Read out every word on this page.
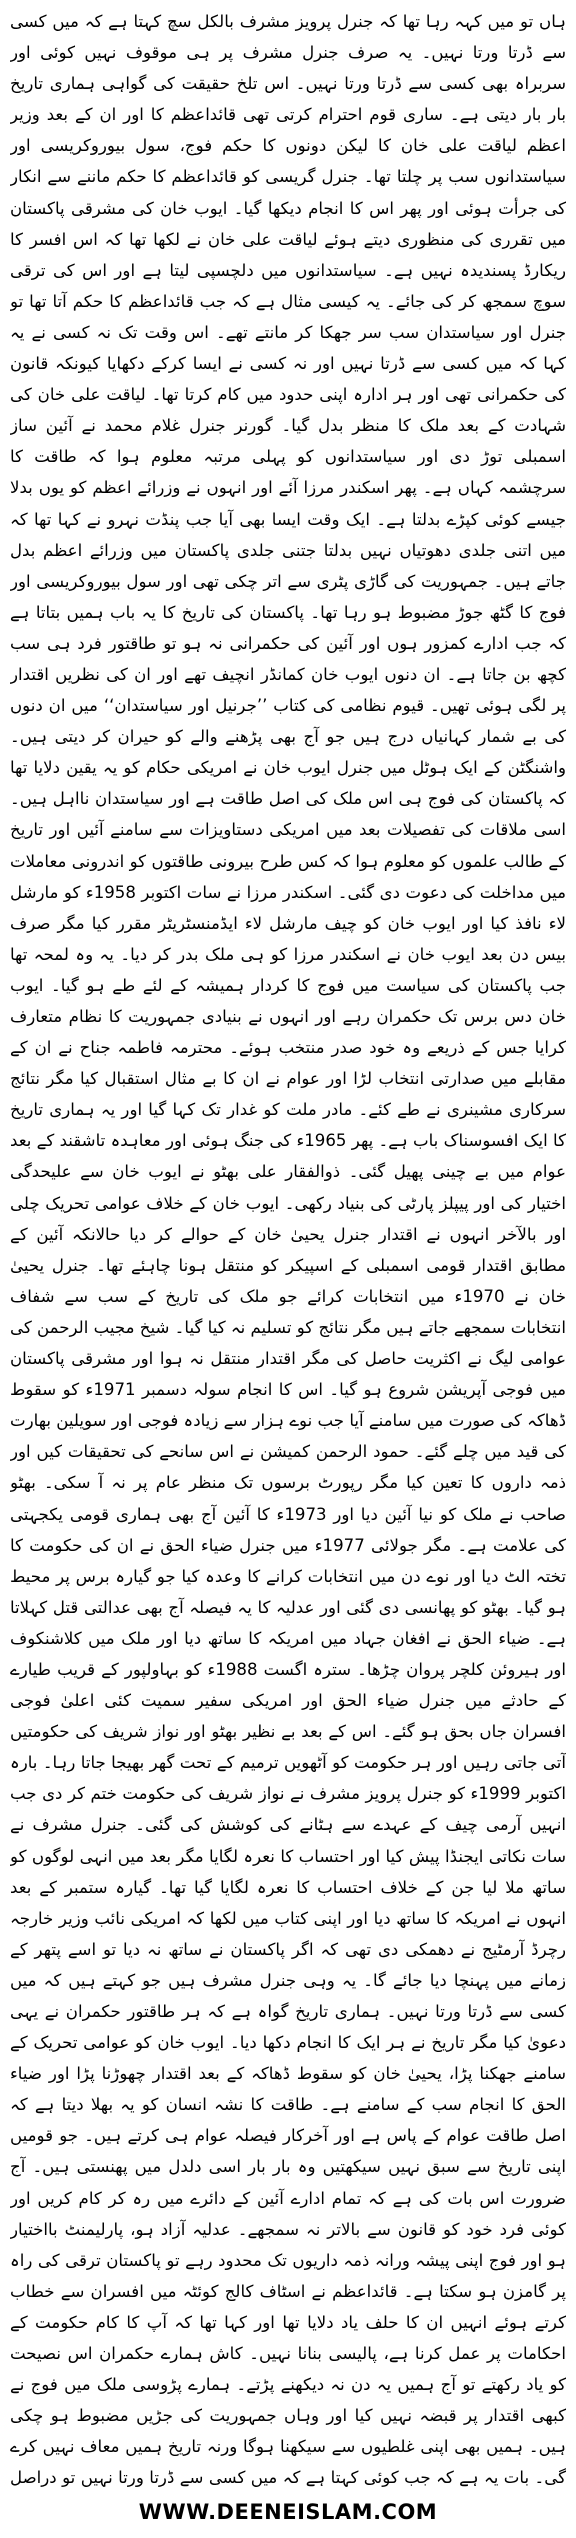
ہاں تو میں کہہ رہا تھا کہ جنرل پرویز مشرف بالکل سچ کہتا ہے کہ میں کسی سے ڈرتا ورتا نہیں۔ یہ صرف جنرل مشرف پر ہی موقوف نہیں کوئی اور سربراہ بھی کسی سے ڈرتا ورتا نہیں۔ اس تلخ حقیقت کی گواہی ہماری تاریخ بار بار دیتی ہے۔ ساری قوم احترام کرتی تھی قائداعظم کا اور ان کے بعد وزیر اعظم لیاقت علی خان کا لیکن دونوں کا حکم فوج، سول بیوروکریسی اور سیاستدانوں سب پر چلتا تھا۔ جنرل گریسی کو قائداعظم کا حکم ماننے سے انکار کی جرأت ہوئی اور پھر اس کا انجام دیکھا گیا۔ ایوب خان کی مشرقی پاکستان میں تقرری کی منظوری دیتے ہوئے لیاقت علی خان نے لکھا تھا کہ اس افسر کا ریکارڈ پسندیدہ نہیں ہے۔ سیاستدانوں میں دلچسپی لیتا ہے اور اس کی ترقی سوچ سمجھ کر کی جائے۔ یہ کیسی مثال ہے کہ جب قائداعظم کا حکم آتا تھا تو جنرل اور سیاستدان سب سر جھکا کر مانتے تھے۔ اس وقت تک نہ کسی نے یہ کہا کہ میں کسی سے ڈرتا نہیں اور نہ کسی نے ایسا کرکے دکھایا کیونکہ قانون کی حکمرانی تھی اور ہر ادارہ اپنی حدود میں کام کرتا تھا۔ لیاقت علی خان کی شہادت کے بعد ملک کا منظر بدل گیا۔ گورنر جنرل غلام محمد نے آئین ساز اسمبلی توڑ دی اور سیاستدانوں کو پہلی مرتبہ معلوم ہوا کہ طاقت کا سرچشمہ کہاں ہے۔ پھر اسکندر مرزا آئے اور انہوں نے وزرائے اعظم کو یوں بدلا جیسے کوئی کپڑے بدلتا ہے۔ ایک وقت ایسا بھی آیا جب پنڈت نہرو نے کہا تھا کہ میں اتنی جلدی دھوتیاں نہیں بدلتا جتنی جلدی پاکستان میں وزرائے اعظم بدل جاتے ہیں۔ جمہوریت کی گاڑی پٹری سے اتر چکی تھی اور سول بیوروکریسی اور فوج کا گٹھ جوڑ مضبوط ہو رہا تھا۔ پاکستان کی تاریخ کا یہ باب ہمیں بتاتا ہے کہ جب ادارے کمزور ہوں اور آئین کی حکمرانی نہ ہو تو طاقتور فرد ہی سب کچھ بن جاتا ہے۔ ان دنوں ایوب خان کمانڈر انچیف تھے اور ان کی نظریں اقتدار پر لگی ہوئی تھیں۔ قیوم نظامی کی کتاب ’’جرنیل اور سیاستدان‘‘ میں ان دنوں کی بے شمار کہانیاں درج ہیں جو آج بھی پڑھنے والے کو حیران کر دیتی ہیں۔ واشنگٹن کے ایک ہوٹل میں جنرل ایوب خان نے امریکی حکام کو یہ یقین دلایا تھا کہ پاکستان کی فوج ہی اس ملک کی اصل طاقت ہے اور سیاستدان نااہل ہیں۔ اسی ملاقات کی تفصیلات بعد میں امریکی دستاویزات سے سامنے آئیں اور تاریخ کے طالب علموں کو معلوم ہوا کہ کس طرح بیرونی طاقتوں کو اندرونی معاملات میں مداخلت کی دعوت دی گئی۔ اسکندر مرزا نے سات اکتوبر 1958ء کو مارشل لاء نافذ کیا اور ایوب خان کو چیف مارشل لاء ایڈمنسٹریٹر مقرر کیا مگر صرف بیس دن بعد ایوب خان نے اسکندر مرزا کو ہی ملک بدر کر دیا۔ یہ وہ لمحہ تھا جب پاکستان کی سیاست میں فوج کا کردار ہمیشہ کے لئے طے ہو گیا۔ ایوب خان دس برس تک حکمران رہے اور انہوں نے بنیادی جمہوریت کا نظام متعارف کرایا جس کے ذریعے وہ خود صدر منتخب ہوئے۔ محترمہ فاطمہ جناح نے ان کے مقابلے میں صدارتی انتخاب لڑا اور عوام نے ان کا بے مثال استقبال کیا مگر نتائج سرکاری مشینری نے طے کئے۔ مادر ملت کو غدار تک کہا گیا اور یہ ہماری تاریخ کا ایک افسوسناک باب ہے۔ پھر 1965ء کی جنگ ہوئی اور معاہدہ تاشقند کے بعد عوام میں بے چینی پھیل گئی۔ ذوالفقار علی بھٹو نے ایوب خان سے علیحدگی اختیار کی اور پیپلز پارٹی کی بنیاد رکھی۔ ایوب خان کے خلاف عوامی تحریک چلی اور بالآخر انہوں نے اقتدار جنرل یحییٰ خان کے حوالے کر دیا حالانکہ آئین کے مطابق اقتدار قومی اسمبلی کے اسپیکر کو منتقل ہونا چاہئے تھا۔ جنرل یحییٰ خان نے 1970ء میں انتخابات کرائے جو ملک کی تاریخ کے سب سے شفاف انتخابات سمجھے جاتے ہیں مگر نتائج کو تسلیم نہ کیا گیا۔ شیخ مجیب الرحمن کی عوامی لیگ نے اکثریت حاصل کی مگر اقتدار منتقل نہ ہوا اور مشرقی پاکستان میں فوجی آپریشن شروع ہو گیا۔ اس کا انجام سولہ دسمبر 1971ء کو سقوط ڈھاکہ کی صورت میں سامنے آیا جب نوے ہزار سے زیادہ فوجی اور سویلین بھارت کی قید میں چلے گئے۔ حمود الرحمن کمیشن نے اس سانحے کی تحقیقات کیں اور ذمہ داروں کا تعین کیا مگر رپورٹ برسوں تک منظر عام پر نہ آ سکی۔ بھٹو صاحب نے ملک کو نیا آئین دیا اور 1973ء کا آئین آج بھی ہماری قومی یکجہتی کی علامت ہے۔ مگر جولائی 1977ء میں جنرل ضیاء الحق نے ان کی حکومت کا تختہ الٹ دیا اور نوے دن میں انتخابات کرانے کا وعدہ کیا جو گیارہ برس پر محیط ہو گیا۔ بھٹو کو پھانسی دی گئی اور عدلیہ کا یہ فیصلہ آج بھی عدالتی قتل کہلاتا ہے۔ ضیاء الحق نے افغان جہاد میں امریکہ کا ساتھ دیا اور ملک میں کلاشنکوف اور ہیروئن کلچر پروان چڑھا۔ سترہ اگست 1988ء کو بہاولپور کے قریب طیارے کے حادثے میں جنرل ضیاء الحق اور امریکی سفیر سمیت کئی اعلیٰ فوجی افسران جاں بحق ہو گئے۔ اس کے بعد بے نظیر بھٹو اور نواز شریف کی حکومتیں آتی جاتی رہیں اور ہر حکومت کو آٹھویں ترمیم کے تحت گھر بھیجا جاتا رہا۔ بارہ اکتوبر 1999ء کو جنرل پرویز مشرف نے نواز شریف کی حکومت ختم کر دی جب انہیں آرمی چیف کے عہدے سے ہٹانے کی کوشش کی گئی۔ جنرل مشرف نے سات نکاتی ایجنڈا پیش کیا اور احتساب کا نعرہ لگایا مگر بعد میں انہی لوگوں کو ساتھ ملا لیا جن کے خلاف احتساب کا نعرہ لگایا گیا تھا۔ گیارہ ستمبر کے بعد انہوں نے امریکہ کا ساتھ دیا اور اپنی کتاب میں لکھا کہ امریکی نائب وزیر خارجہ رچرڈ آرمٹیج نے دھمکی دی تھی کہ اگر پاکستان نے ساتھ نہ دیا تو اسے پتھر کے زمانے میں پہنچا دیا جائے گا۔ یہ وہی جنرل مشرف ہیں جو کہتے ہیں کہ میں کسی سے ڈرتا ورتا نہیں۔ ہماری تاریخ گواہ ہے کہ ہر طاقتور حکمران نے یہی دعویٰ کیا مگر تاریخ نے ہر ایک کا انجام دکھا دیا۔ ایوب خان کو عوامی تحریک کے سامنے جھکنا پڑا، یحییٰ خان کو سقوط ڈھاکہ کے بعد اقتدار چھوڑنا پڑا اور ضیاء الحق کا انجام سب کے سامنے ہے۔ طاقت کا نشہ انسان کو یہ بھلا دیتا ہے کہ اصل طاقت عوام کے پاس ہے اور آخرکار فیصلہ عوام ہی کرتے ہیں۔ جو قومیں اپنی تاریخ سے سبق نہیں سیکھتیں وہ بار بار اسی دلدل میں پھنستی ہیں۔ آج ضرورت اس بات کی ہے کہ تمام ادارے آئین کے دائرے میں رہ کر کام کریں اور کوئی فرد خود کو قانون سے بالاتر نہ سمجھے۔ عدلیہ آزاد ہو، پارلیمنٹ بااختیار ہو اور فوج اپنی پیشہ ورانہ ذمہ داریوں تک محدود رہے تو پاکستان ترقی کی راہ پر گامزن ہو سکتا ہے۔ قائداعظم نے اسٹاف کالج کوئٹہ میں افسران سے خطاب کرتے ہوئے انہیں ان کا حلف یاد دلایا تھا اور کہا تھا کہ آپ کا کام حکومت کے احکامات پر عمل کرنا ہے، پالیسی بنانا نہیں۔ کاش ہمارے حکمران اس نصیحت کو یاد رکھتے تو آج ہمیں یہ دن نہ دیکھنے پڑتے۔ ہمارے پڑوسی ملک میں فوج نے کبھی اقتدار پر قبضہ نہیں کیا اور وہاں جمہوریت کی جڑیں مضبوط ہو چکی ہیں۔ ہمیں بھی اپنی غلطیوں سے سیکھنا ہوگا ورنہ تاریخ ہمیں معاف نہیں کرے گی۔ بات یہ ہے کہ جب کوئی کہتا ہے کہ میں کسی سے ڈرتا ورتا نہیں تو دراصل

WWW.DEENEISLAM.COM
